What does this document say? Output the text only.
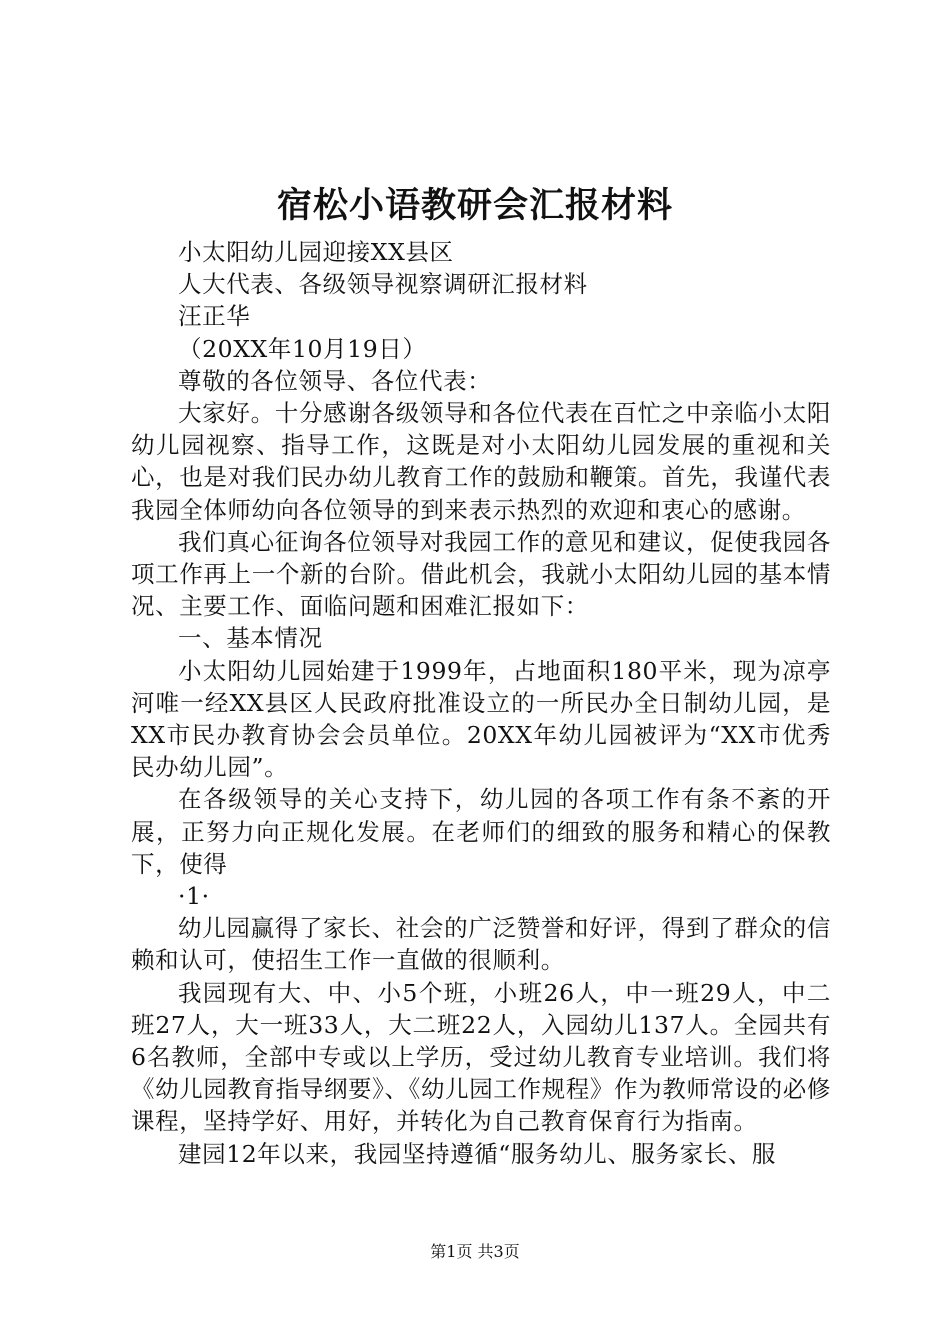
宿松小语教研会汇报材料

小太阳幼儿园迎接XX县区

人大代表、各级领导视察调研汇报材料

汪正华

（20XX年10月19日）

尊敬的各位领导、各位代表：

大家好。十分感谢各级领导和各位代表在百忙之中亲临小太阳幼儿园视察、指导工作，这既是对小太阳幼儿园发展的重视和关心，也是对我们民办幼儿教育工作的鼓励和鞭策。首先，我谨代表我园全体师幼向各位领导的到来表示热烈的欢迎和衷心的感谢。

我们真心征询各位领导对我园工作的意见和建议，促使我园各项工作再上一个新的台阶。借此机会，我就小太阳幼儿园的基本情况、主要工作、面临问题和困难汇报如下：

一、基本情况

小太阳幼儿园始建于1999年，占地面积180平米，现为凉亭河唯一经XX县区人民政府批准设立的一所民办全日制幼儿园，是XX市民办教育协会会员单位。20XX年幼儿园被评为“XX市优秀民办幼儿园”。

在各级领导的关心支持下，幼儿园的各项工作有条不紊的开展，正努力向正规化发展。在老师们的细致的服务和精心的保教下，使得

·1·

幼儿园赢得了家长、社会的广泛赞誉和好评，得到了群众的信赖和认可，使招生工作一直做的很顺利。

我园现有大、中、小5个班，小班26人，中一班29人，中二班27人，大一班33人，大二班22人，入园幼儿137人。全园共有6名教师，全部中专或以上学历，受过幼儿教育专业培训。我们将《幼儿园教育指导纲要》、《幼儿园工作规程》作为教师常设的必修课程，坚持学好、用好，并转化为自己教育保育行为指南。

建园12年以来，我园坚持遵循“服务幼儿、服务家长、服

第1页 共3页
